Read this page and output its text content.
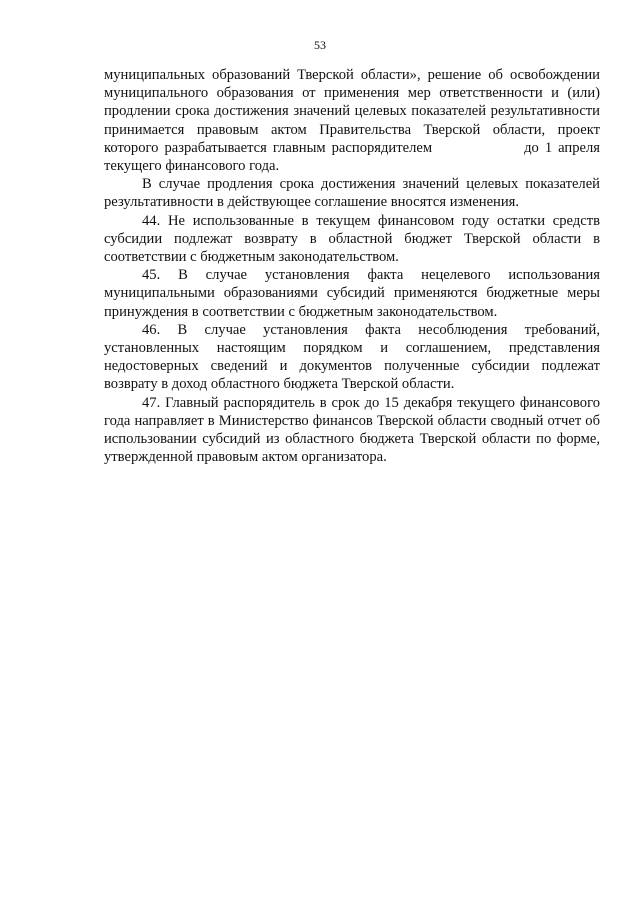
53

муниципальных образований Тверской области», решение об освобождении муниципального образования от применения мер ответственности и (или) продлении срока достижения значений целевых показателей результативности принимается правовым актом Правительства Тверской области, проект которого разрабатывается главным распорядителем	до 1 апреля текущего финансового года.

В случае продления срока достижения значений целевых показателей результативности в действующее соглашение вносятся изменения.

44. Не использованные в текущем финансовом году остатки средств субсидии подлежат возврату в областной бюджет Тверской области в соответствии с бюджетным законодательством.

45. В случае установления факта нецелевого использования муниципальными образованиями субсидий применяются бюджетные меры принуждения в соответствии с бюджетным законодательством.

46. В случае установления факта несоблюдения требований, установленных настоящим порядком и соглашением, представления недостоверных сведений и документов полученные субсидии подлежат возврату в доход областного бюджета Тверской области.

47. Главный распорядитель в срок до 15 декабря текущего финансового года направляет в Министерство финансов Тверской области сводный отчет об использовании субсидий из областного бюджета Тверской области по форме, утвержденной правовым актом организатора.
